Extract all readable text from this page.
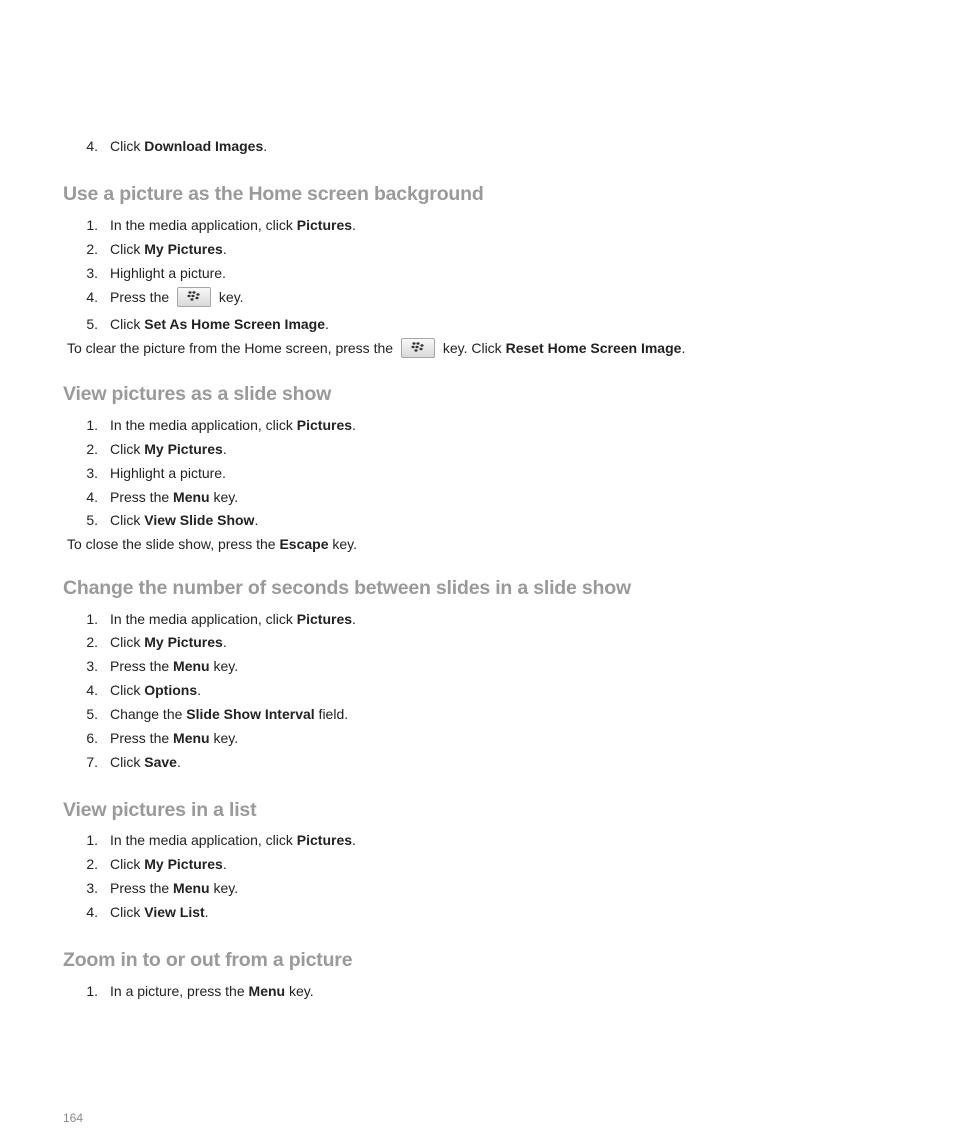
4. Click Download Images.
Use a picture as the Home screen background
1. In the media application, click Pictures.
2. Click My Pictures.
3. Highlight a picture.
4. Press the	key.
5. Click Set As Home Screen Image.
To clear the picture from the Home screen, press the	key. Click Reset Home Screen Image.
View pictures as a slide show
1. In the media application, click Pictures.
2. Click My Pictures.
3. Highlight a picture.
4. Press the Menu key.
5. Click View Slide Show.
To close the slide show, press the Escape key.
Change the number of seconds between slides in a slide show
1. In the media application, click Pictures.
2. Click My Pictures.
3. Press the Menu key.
4. Click Options.
5. Change the Slide Show Interval field.
6. Press the Menu key.
7. Click Save.
View pictures in a list
1. In the media application, click Pictures.
2. Click My Pictures.
3. Press the Menu key.
4. Click View List.
Zoom in to or out from a picture
1. In a picture, press the Menu key.
164
